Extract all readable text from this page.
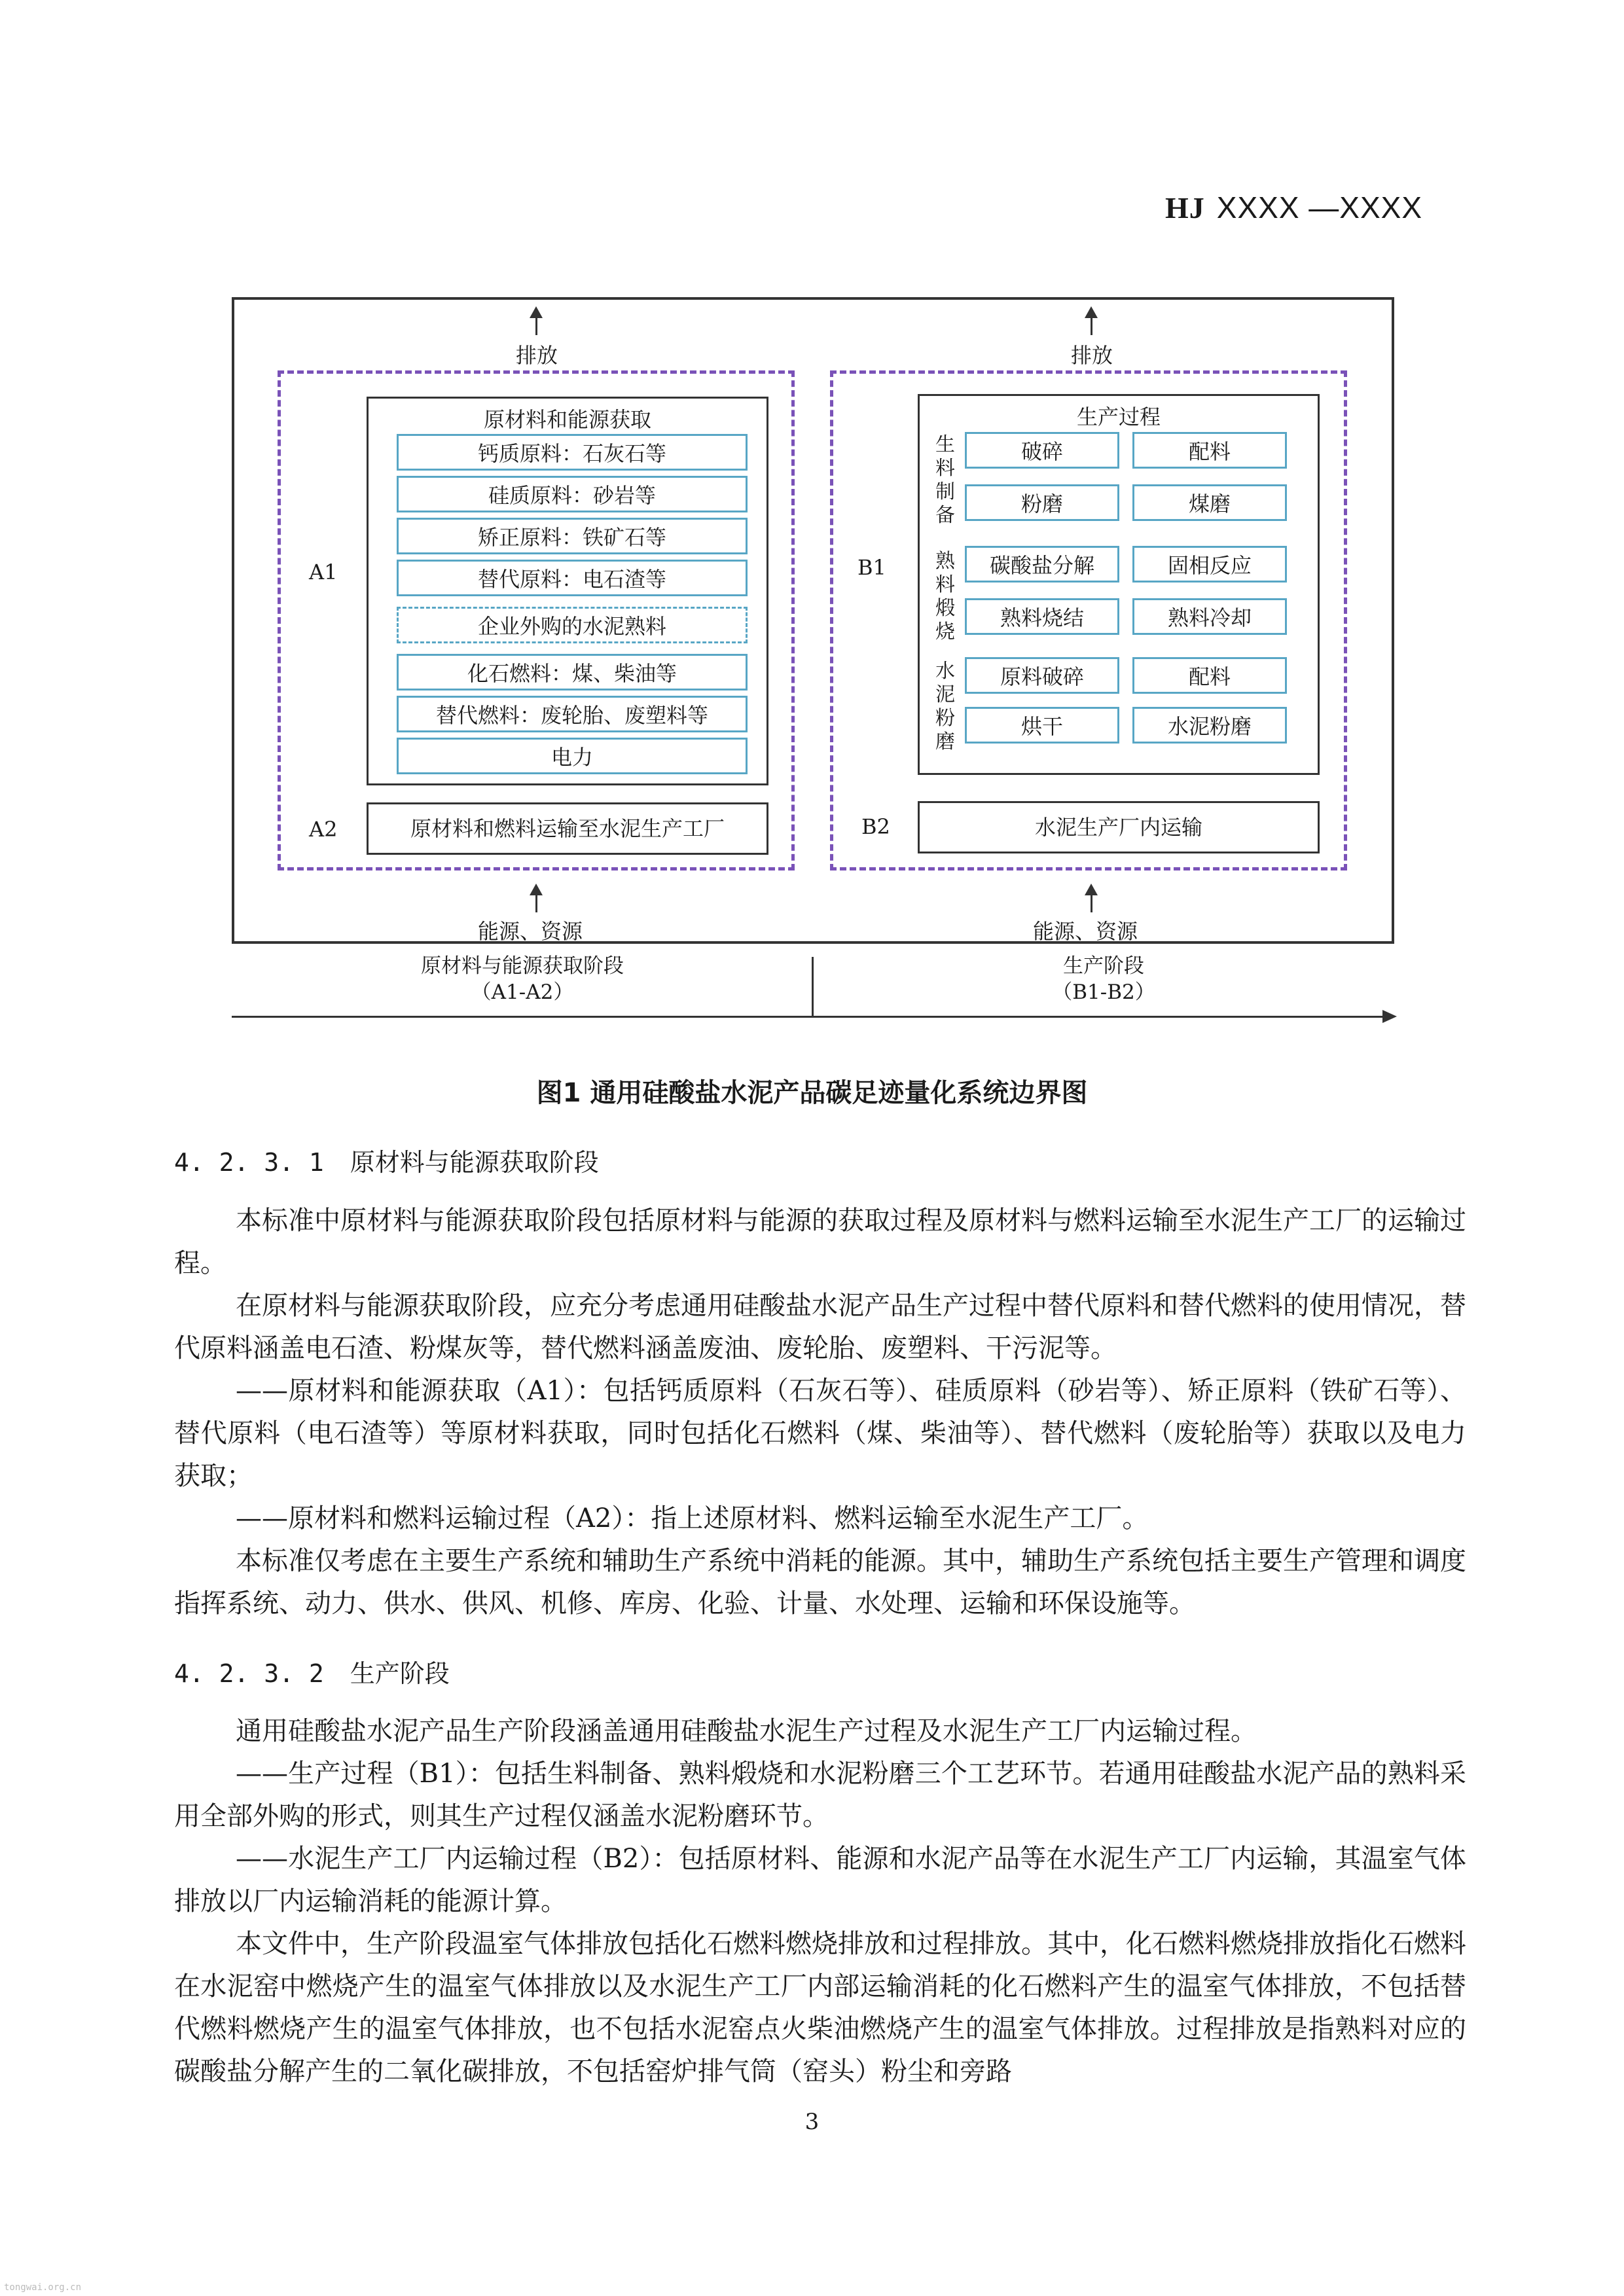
HJ XXXX —XXXX
排放
A1
原材料和能源获取
钙质原料：石灰石等
硅质原料：砂岩等
矫正原料：铁矿石等
替代原料：电石渣等
企业外购的水泥熟料
化石燃料：煤、柴油等
替代燃料：废轮胎、废塑料等
电力
A2	原材料和燃料运输至水泥生产工厂
能源、资源
排放
B1
生产过程
生料制备
破碎	配料
粉磨	煤磨
熟料煅烧
碳酸盐分解	固相反应
熟料烧结	熟料冷却
水泥粉磨
原料破碎	配料
烘干	水泥粉磨
B2	水泥生产厂内运输
能源、资源
原材料与能源获取阶段
（A1-A2）
生产阶段
（B1-B2）
图1 通用硅酸盐水泥产品碳足迹量化系统边界图
4. 2. 3. 1 原材料与能源获取阶段

本标准中原材料与能源获取阶段包括原材料与能源的获取过程及原材料与燃料运输至水泥生产工厂的运输过程。

在原材料与能源获取阶段，应充分考虑通用硅酸盐水泥产品生产过程中替代原料和替代燃料的使用情况，替代原料涵盖电石渣、粉煤灰等，替代燃料涵盖废油、废轮胎、废塑料、干污泥等。

——原材料和能源获取（A1）：包括钙质原料（石灰石等）、硅质原料（砂岩等）、矫正原料（铁矿石等）、替代原料（电石渣等）等原材料获取，同时包括化石燃料（煤、柴油等）、替代燃料（废轮胎等）获取以及电力获取；

——原材料和燃料运输过程（A2）：指上述原材料、燃料运输至水泥生产工厂。

本标准仅考虑在主要生产系统和辅助生产系统中消耗的能源。其中，辅助生产系统包括主要生产管理和调度指挥系统、动力、供水、供风、机修、库房、化验、计量、水处理、运输和环保设施等。

4. 2. 3. 2 生产阶段

通用硅酸盐水泥产品生产阶段涵盖通用硅酸盐水泥生产过程及水泥生产工厂内运输过程。

——生产过程（B1）：包括生料制备、熟料煅烧和水泥粉磨三个工艺环节。若通用硅酸盐水泥产品的熟料采用全部外购的形式，则其生产过程仅涵盖水泥粉磨环节。

——水泥生产工厂内运输过程（B2）：包括原材料、能源和水泥产品等在水泥生产工厂内运输，其温室气体排放以厂内运输消耗的能源计算。

本文件中，生产阶段温室气体排放包括化石燃料燃烧排放和过程排放。其中，化石燃料燃烧排放指化石燃料在水泥窑中燃烧产生的温室气体排放以及水泥生产工厂内部运输消耗的化石燃料产生的温室气体排放，不包括替代燃料燃烧产生的温室气体排放，也不包括水泥窑点火柴油燃烧产生的温室气体排放。过程排放是指熟料对应的碳酸盐分解产生的二氧化碳排放，不包括窑炉排气筒（窑头）粉尘和旁路

3
tongwai.org.cn
